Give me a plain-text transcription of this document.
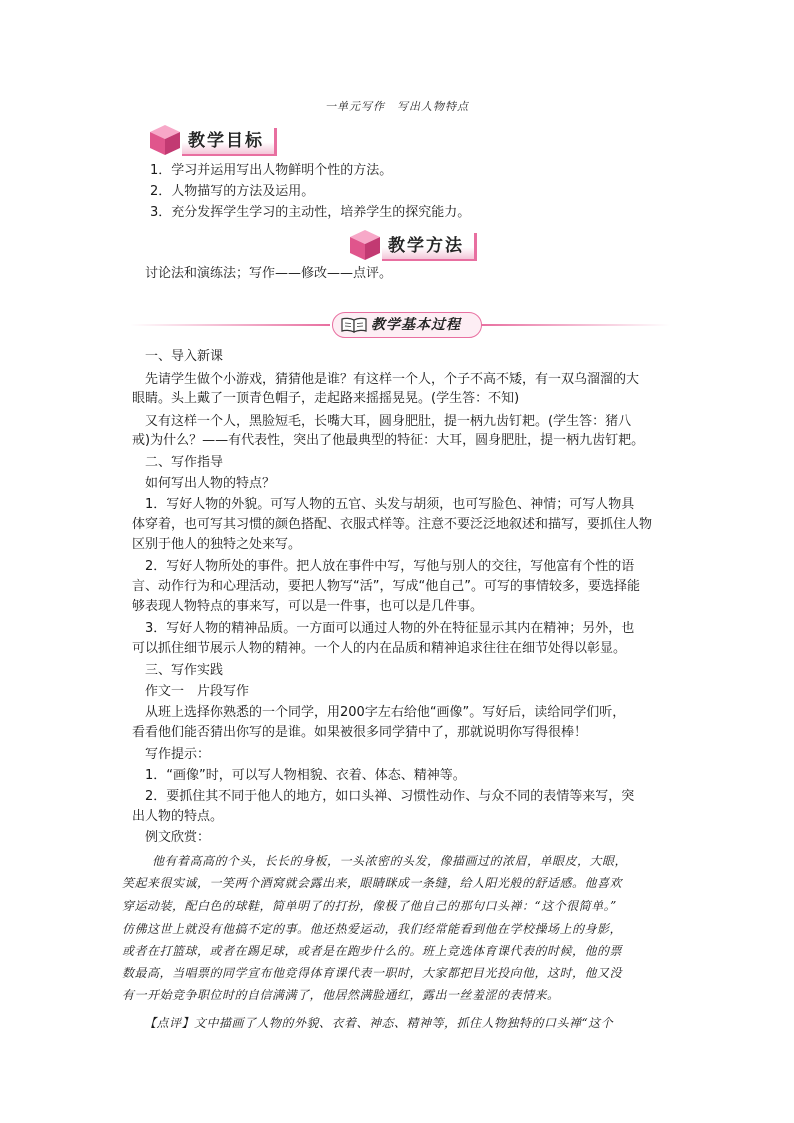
一单元写作　写出人物特点
教学目标
1．学习并运用写出人物鲜明个性的方法。
2．人物描写的方法及运用。
3．充分发挥学生学习的主动性，培养学生的探究能力。
教学方法
讨论法和演练法；写作——修改——点评。
教学基本过程
一、导入新课
先请学生做个小游戏，猜猜他是谁？有这样一个人，个子不高不矮，有一双乌溜溜的大
眼睛。头上戴了一顶青色帽子，走起路来摇摇晃晃。(学生答：不知)
又有这样一个人，黑脸短毛，长嘴大耳，圆身肥肚，提一柄九齿钉耙。(学生答：猪八
戒)为什么？——有代表性，突出了他最典型的特征：大耳，圆身肥肚，提一柄九齿钉耙。
二、写作指导
如何写出人物的特点？
1．写好人物的外貌。可写人物的五官、头发与胡须，也可写脸色、神情；可写人物具
体穿着，也可写其习惯的颜色搭配、衣服式样等。注意不要泛泛地叙述和描写，要抓住人物
区别于他人的独特之处来写。
2．写好人物所处的事件。把人放在事件中写，写他与别人的交往，写他富有个性的语
言、动作行为和心理活动，要把人物写“活”，写成“他自己”。可写的事情较多，要选择能
够表现人物特点的事来写，可以是一件事，也可以是几件事。
3．写好人物的精神品质。一方面可以通过人物的外在特征显示其内在精神；另外，也
可以抓住细节展示人物的精神。一个人的内在品质和精神追求往往在细节处得以彰显。
三、写作实践
作文一　片段写作
从班上选择你熟悉的一个同学，用200字左右给他“画像”。写好后，读给同学们听，
看看他们能否猜出你写的是谁。如果被很多同学猜中了，那就说明你写得很棒！
写作提示：
1．“画像”时，可以写人物相貌、衣着、体态、精神等。
2．要抓住其不同于他人的地方，如口头禅、习惯性动作、与众不同的表情等来写，突
出人物的特点。
例文欣赏：
他有着高高的个头，长长的身板，一头浓密的头发，像描画过的浓眉，单眼皮，大眼，
笑起来很实诚，一笑两个酒窝就会露出来，眼睛眯成一条缝，给人阳光般的舒适感。他喜欢
穿运动装，配白色的球鞋，简单明了的打扮，像极了他自己的那句口头禅：“这个很简单。”
仿佛这世上就没有他搞不定的事。他还热爱运动，我们经常能看到他在学校操场上的身影，
或者在打篮球，或者在踢足球，或者是在跑步什么的。班上竞选体育课代表的时候，他的票
数最高，当唱票的同学宣布他竞得体育课代表一职时，大家都把目光投向他，这时，他又没
有一开始竞争职位时的自信满满了，他居然满脸通红，露出一丝羞涩的表情来。
【点评】文中描画了人物的外貌、衣着、神态、精神等，抓住人物独特的口头禅“这个
